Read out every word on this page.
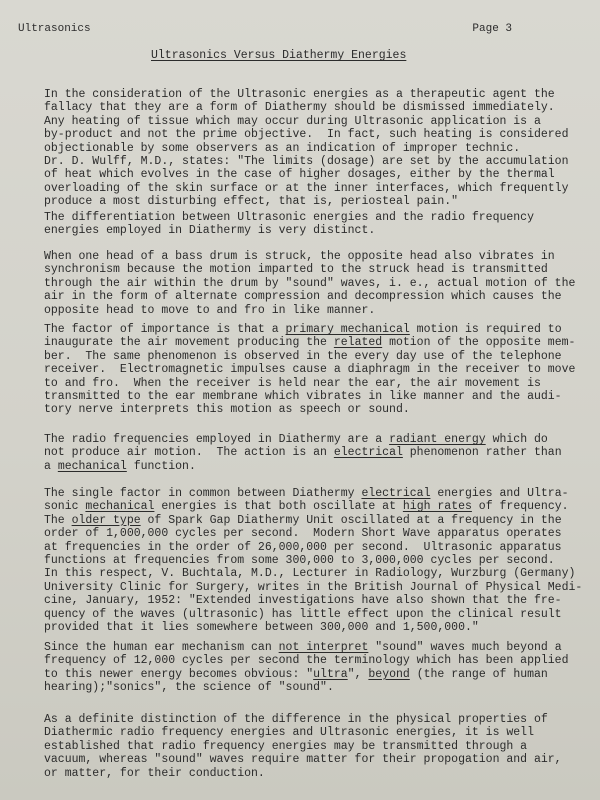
Ultrasonics	Page 3
Ultrasonics Versus Diathermy Energies

In the consideration of the Ultrasonic energies as a therapeutic agent the
fallacy that they are a form of Diathermy should be dismissed immediately.
Any heating of tissue which may occur during Ultrasonic application is a
by-product and not the prime objective.  In fact, such heating is considered
objectionable by some observers as an indication of improper technic.
Dr. D. Wulff, M.D., states: "The limits (dosage) are set by the accumulation
of heat which evolves in the case of higher dosages, either by the thermal
overloading of the skin surface or at the inner interfaces, which frequently
produce a most disturbing effect, that is, periosteal pain."

The differentiation between Ultrasonic energies and the radio frequency
energies employed in Diathermy is very distinct.

When one head of a bass drum is struck, the opposite head also vibrates in
synchronism because the motion imparted to the struck head is transmitted
through the air within the drum by "sound" waves, i. e., actual motion of the
air in the form of alternate compression and decompression which causes the
opposite head to move to and fro in like manner.

The factor of importance is that a primary mechanical motion is required to
inaugurate the air movement producing the related motion of the opposite mem-
ber.  The same phenomenon is observed in the every day use of the telephone
receiver.  Electromagnetic impulses cause a diaphragm in the receiver to move
to and fro.  When the receiver is held near the ear, the air movement is
transmitted to the ear membrane which vibrates in like manner and the audi-
tory nerve interprets this motion as speech or sound.

The radio frequencies employed in Diathermy are a radiant energy which do
not produce air motion.  The action is an electrical phenomenon rather than
a mechanical function.

The single factor in common between Diathermy electrical energies and Ultra-
sonic mechanical energies is that both oscillate at high rates of frequency.
The older type of Spark Gap Diathermy Unit oscillated at a frequency in the
order of 1,000,000 cycles per second.  Modern Short Wave apparatus operates
at frequencies in the order of 26,000,000 per second.  Ultrasonic apparatus
functions at frequencies from some 300,000 to 3,000,000 cycles per second.
In this respect, V. Buchtala, M.D., Lecturer in Radiology, Wurzburg (Germany)
University Clinic for Surgery, writes in the British Journal of Physical Medi-
cine, January, 1952: "Extended investigations have also shown that the fre-
quency of the waves (ultrasonic) has little effect upon the clinical result
provided that it lies somewhere between 300,000 and 1,500,000."

Since the human ear mechanism can not interpret "sound" waves much beyond a
frequency of 12,000 cycles per second the terminology which has been applied
to this newer energy becomes obvious: "ultra", beyond (the range of human
hearing);"sonics", the science of "sound".

As a definite distinction of the difference in the physical properties of
Diathermic radio frequency energies and Ultrasonic energies, it is well
established that radio frequency energies may be transmitted through a
vacuum, whereas "sound" waves require matter for their propogation and air,
or matter, for their conduction.
